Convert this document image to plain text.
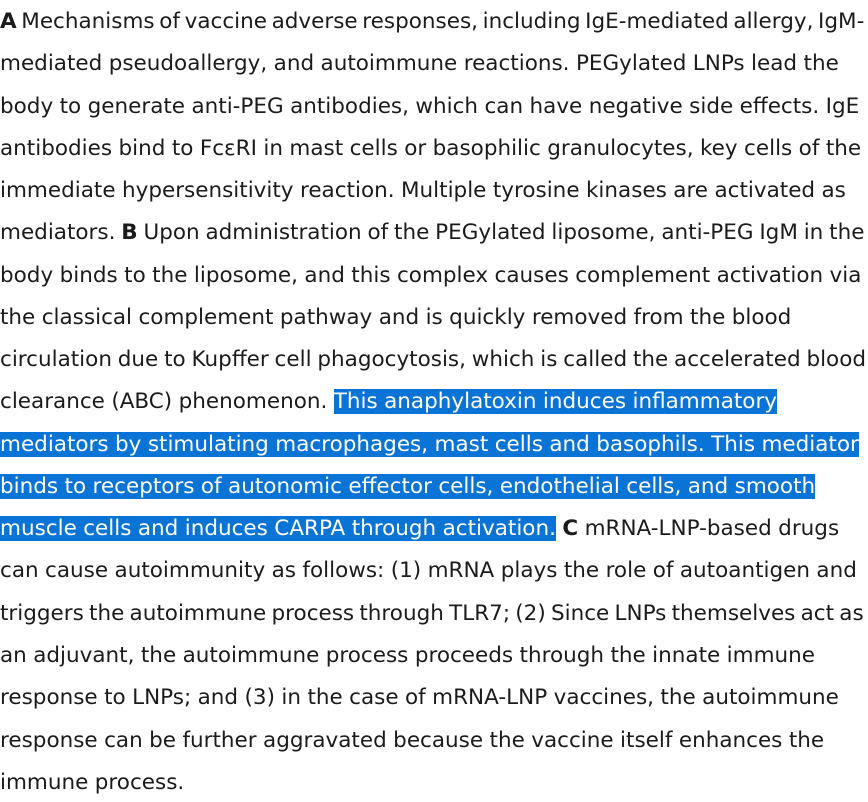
A Mechanisms of vaccine adverse responses, including IgE-mediated allergy, IgM-
mediated pseudoallergy, and autoimmune reactions. PEGylated LNPs lead the
body to generate anti-PEG antibodies, which can have negative side effects. IgE
antibodies bind to FcεRI in mast cells or basophilic granulocytes, key cells of the
immediate hypersensitivity reaction. Multiple tyrosine kinases are activated as
mediators. B Upon administration of the PEGylated liposome, anti-PEG IgM in the
body binds to the liposome, and this complex causes complement activation via
the classical complement pathway and is quickly removed from the blood
circulation due to Kupffer cell phagocytosis, which is called the accelerated blood
clearance (ABC) phenomenon. This anaphylatoxin induces inflammatory
mediators by stimulating macrophages, mast cells and basophils. This mediator
binds to receptors of autonomic effector cells, endothelial cells, and smooth
muscle cells and induces CARPA through activation. C mRNA-LNP-based drugs
can cause autoimmunity as follows: (1) mRNA plays the role of autoantigen and
triggers the autoimmune process through TLR7; (2) Since LNPs themselves act as
an adjuvant, the autoimmune process proceeds through the innate immune
response to LNPs; and (3) in the case of mRNA-LNP vaccines, the autoimmune
response can be further aggravated because the vaccine itself enhances the
immune process.
